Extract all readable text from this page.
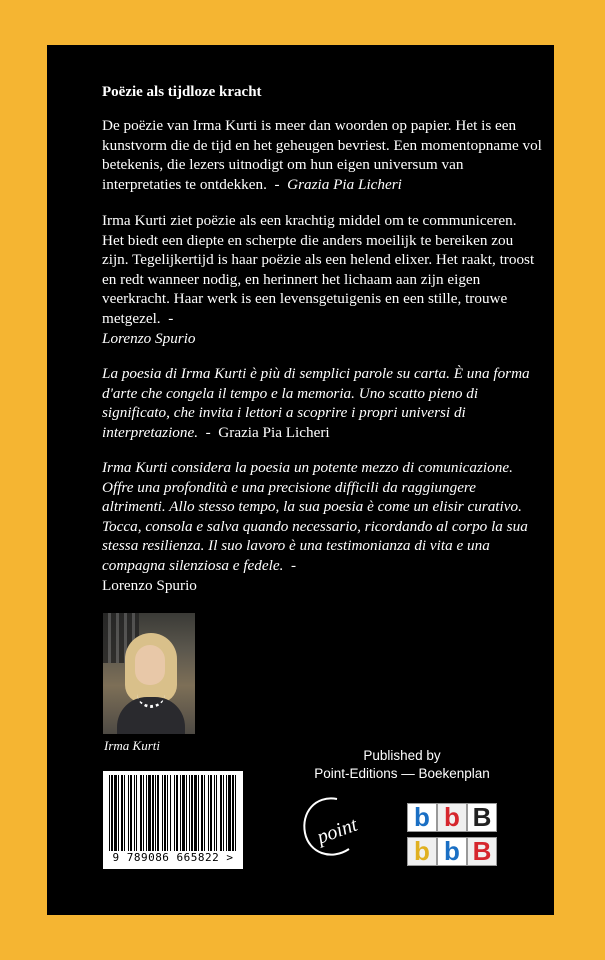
Poëzie als tijdloze kracht
De poëzie van Irma Kurti is meer dan woorden op papier. Het is een kunstvorm die de tijd en het geheugen bevriest. Een momentopname vol betekenis, die lezers uitnodigt om hun eigen universum van interpretaties te ontdekken. - Grazia Pia Licheri
Irma Kurti ziet poëzie als een krachtig middel om te communiceren. Het biedt een diepte en scherpte die anders moeilijk te bereiken zou zijn. Tegelijkertijd is haar poëzie als een helend elixer. Het raakt, troost en redt wanneer nodig, en herinnert het lichaam aan zijn eigen veerkracht. Haar werk is een levensgetuigenis en een stille, trouwe metgezel. -
Lorenzo Spurio
La poesia di Irma Kurti è più di semplici parole su carta. È una forma d'arte che congela il tempo e la memoria. Uno scatto pieno di significato, che invita i lettori a scoprire i propri universi di interpretazione. - Grazia Pia Licheri
Irma Kurti considera la poesia un potente mezzo di comunicazione. Offre una profondità e una precisione difficili da raggiungere altrimenti. Allo stesso tempo, la sua poesia è come un elisir curativo. Tocca, consola e salva quando necessario, ricordando al corpo la sua stessa resilienza. Il suo lavoro è una testimonianza di vita e una compagna silenziosa e fedele. -
Lorenzo Spurio
Irma Kurti
9 789086 665822 >
Published by
Point-Editions — Boekenplan
point b b B
b b B
